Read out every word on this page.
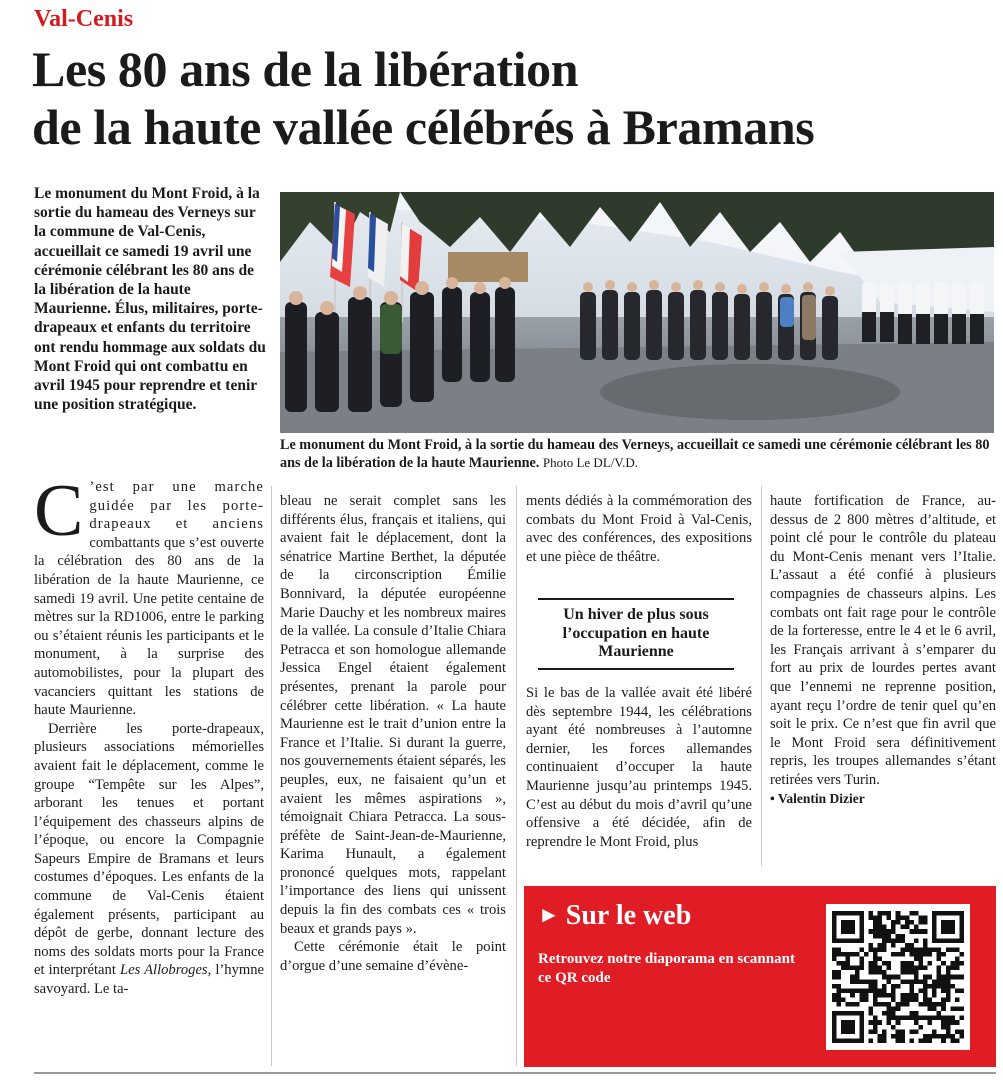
Val-Cenis
Les 80 ans de la libération
de la haute vallée célébrés à Bramans

Le monument du Mont Froid, à la sortie du hameau des Verneys sur la commune de Val-Cenis, accueillait ce samedi 19 avril une cérémonie célébrant les 80 ans de la libération de la haute Maurienne. Élus, militaires, porte-drapeaux et enfants du territoire ont rendu hommage aux soldats du Mont Froid qui ont combattu en avril 1945 pour reprendre et tenir une position stratégique.

Le monument du Mont Froid, à la sortie du hameau des Verneys, accueillait ce samedi une cérémonie célébrant les 80 ans de la libération de la haute Maurienne. Photo Le DL/V.D.

C ’est par une marche guidée par les porte-drapeaux et anciens combattants que s’est ouverte la célébration des 80 ans de la libération de la haute Maurienne, ce samedi 19 avril. Une petite centaine de mètres sur la RD1006, entre le parking ou s’étaient réunis les participants et le monument, à la surprise des automobilistes, pour la plupart des vacanciers quittant les stations de haute Maurienne.

Derrière les porte-drapeaux, plusieurs associations mémorielles avaient fait le déplacement, comme le groupe “Tempête sur les Alpes”, arborant les tenues et portant l’équipement des chasseurs alpins de l’époque, ou encore la Compagnie Sapeurs Empire de Bramans et leurs costumes d’époques. Les enfants de la commune de Val-Cenis étaient également présents, participant au dépôt de gerbe, donnant lecture des noms des soldats morts pour la France et interprétant Les Allobroges, l’hymne savoyard. Le ta-

bleau ne serait complet sans les différents élus, français et italiens, qui avaient fait le déplacement, dont la sénatrice Martine Berthet, la députée de la circonscription Émilie Bonnivard, la députée européenne Marie Dauchy et les nombreux maires de la vallée. La consule d’Italie Chiara Petracca et son homologue allemande Jessica Engel étaient également présentes, prenant la parole pour célébrer cette libération. « La haute Maurienne est le trait d’union entre la France et l’Italie. Si durant la guerre, nos gouvernements étaient séparés, les peuples, eux, ne faisaient qu’un et avaient les mêmes aspirations », témoignait Chiara Petracca. La sous-préfète de Saint-Jean-de-Maurienne, Karima Hunault, a également prononcé quelques mots, rappelant l’importance des liens qui unissent depuis la fin des combats ces « trois beaux et grands pays ».

Cette cérémonie était le point d’orgue d’une semaine d’évène-

ments dédiés à la commémoration des combats du Mont Froid à Val-Cenis, avec des conférences, des expositions et une pièce de théâtre.

Un hiver de plus sous l’occupation en haute Maurienne

Si le bas de la vallée avait été libéré dès septembre 1944, les célébrations ayant été nombreuses à l’automne dernier, les forces allemandes continuaient d’occuper la haute Maurienne jusqu’au printemps 1945. C’est au début du mois d’avril qu’une offensive a été décidée, afin de reprendre le Mont Froid, plus

haute fortification de France, au-dessus de 2 800 mètres d’altitude, et point clé pour le contrôle du plateau du Mont-Cenis menant vers l’Italie. L’assaut a été confié à plusieurs compagnies de chasseurs alpins. Les combats ont fait rage pour le contrôle de la forteresse, entre le 4 et le 6 avril, les Français arrivant à s’emparer du fort au prix de lourdes pertes avant que l’ennemi ne reprenne position, ayant reçu l’ordre de tenir quel qu’en soit le prix. Ce n’est que fin avril que le Mont Froid sera définitivement repris, les troupes allemandes s’étant retirées vers Turin.

• Valentin Dizier

► Sur le web
Retrouvez notre diaporama en scannant ce QR code
